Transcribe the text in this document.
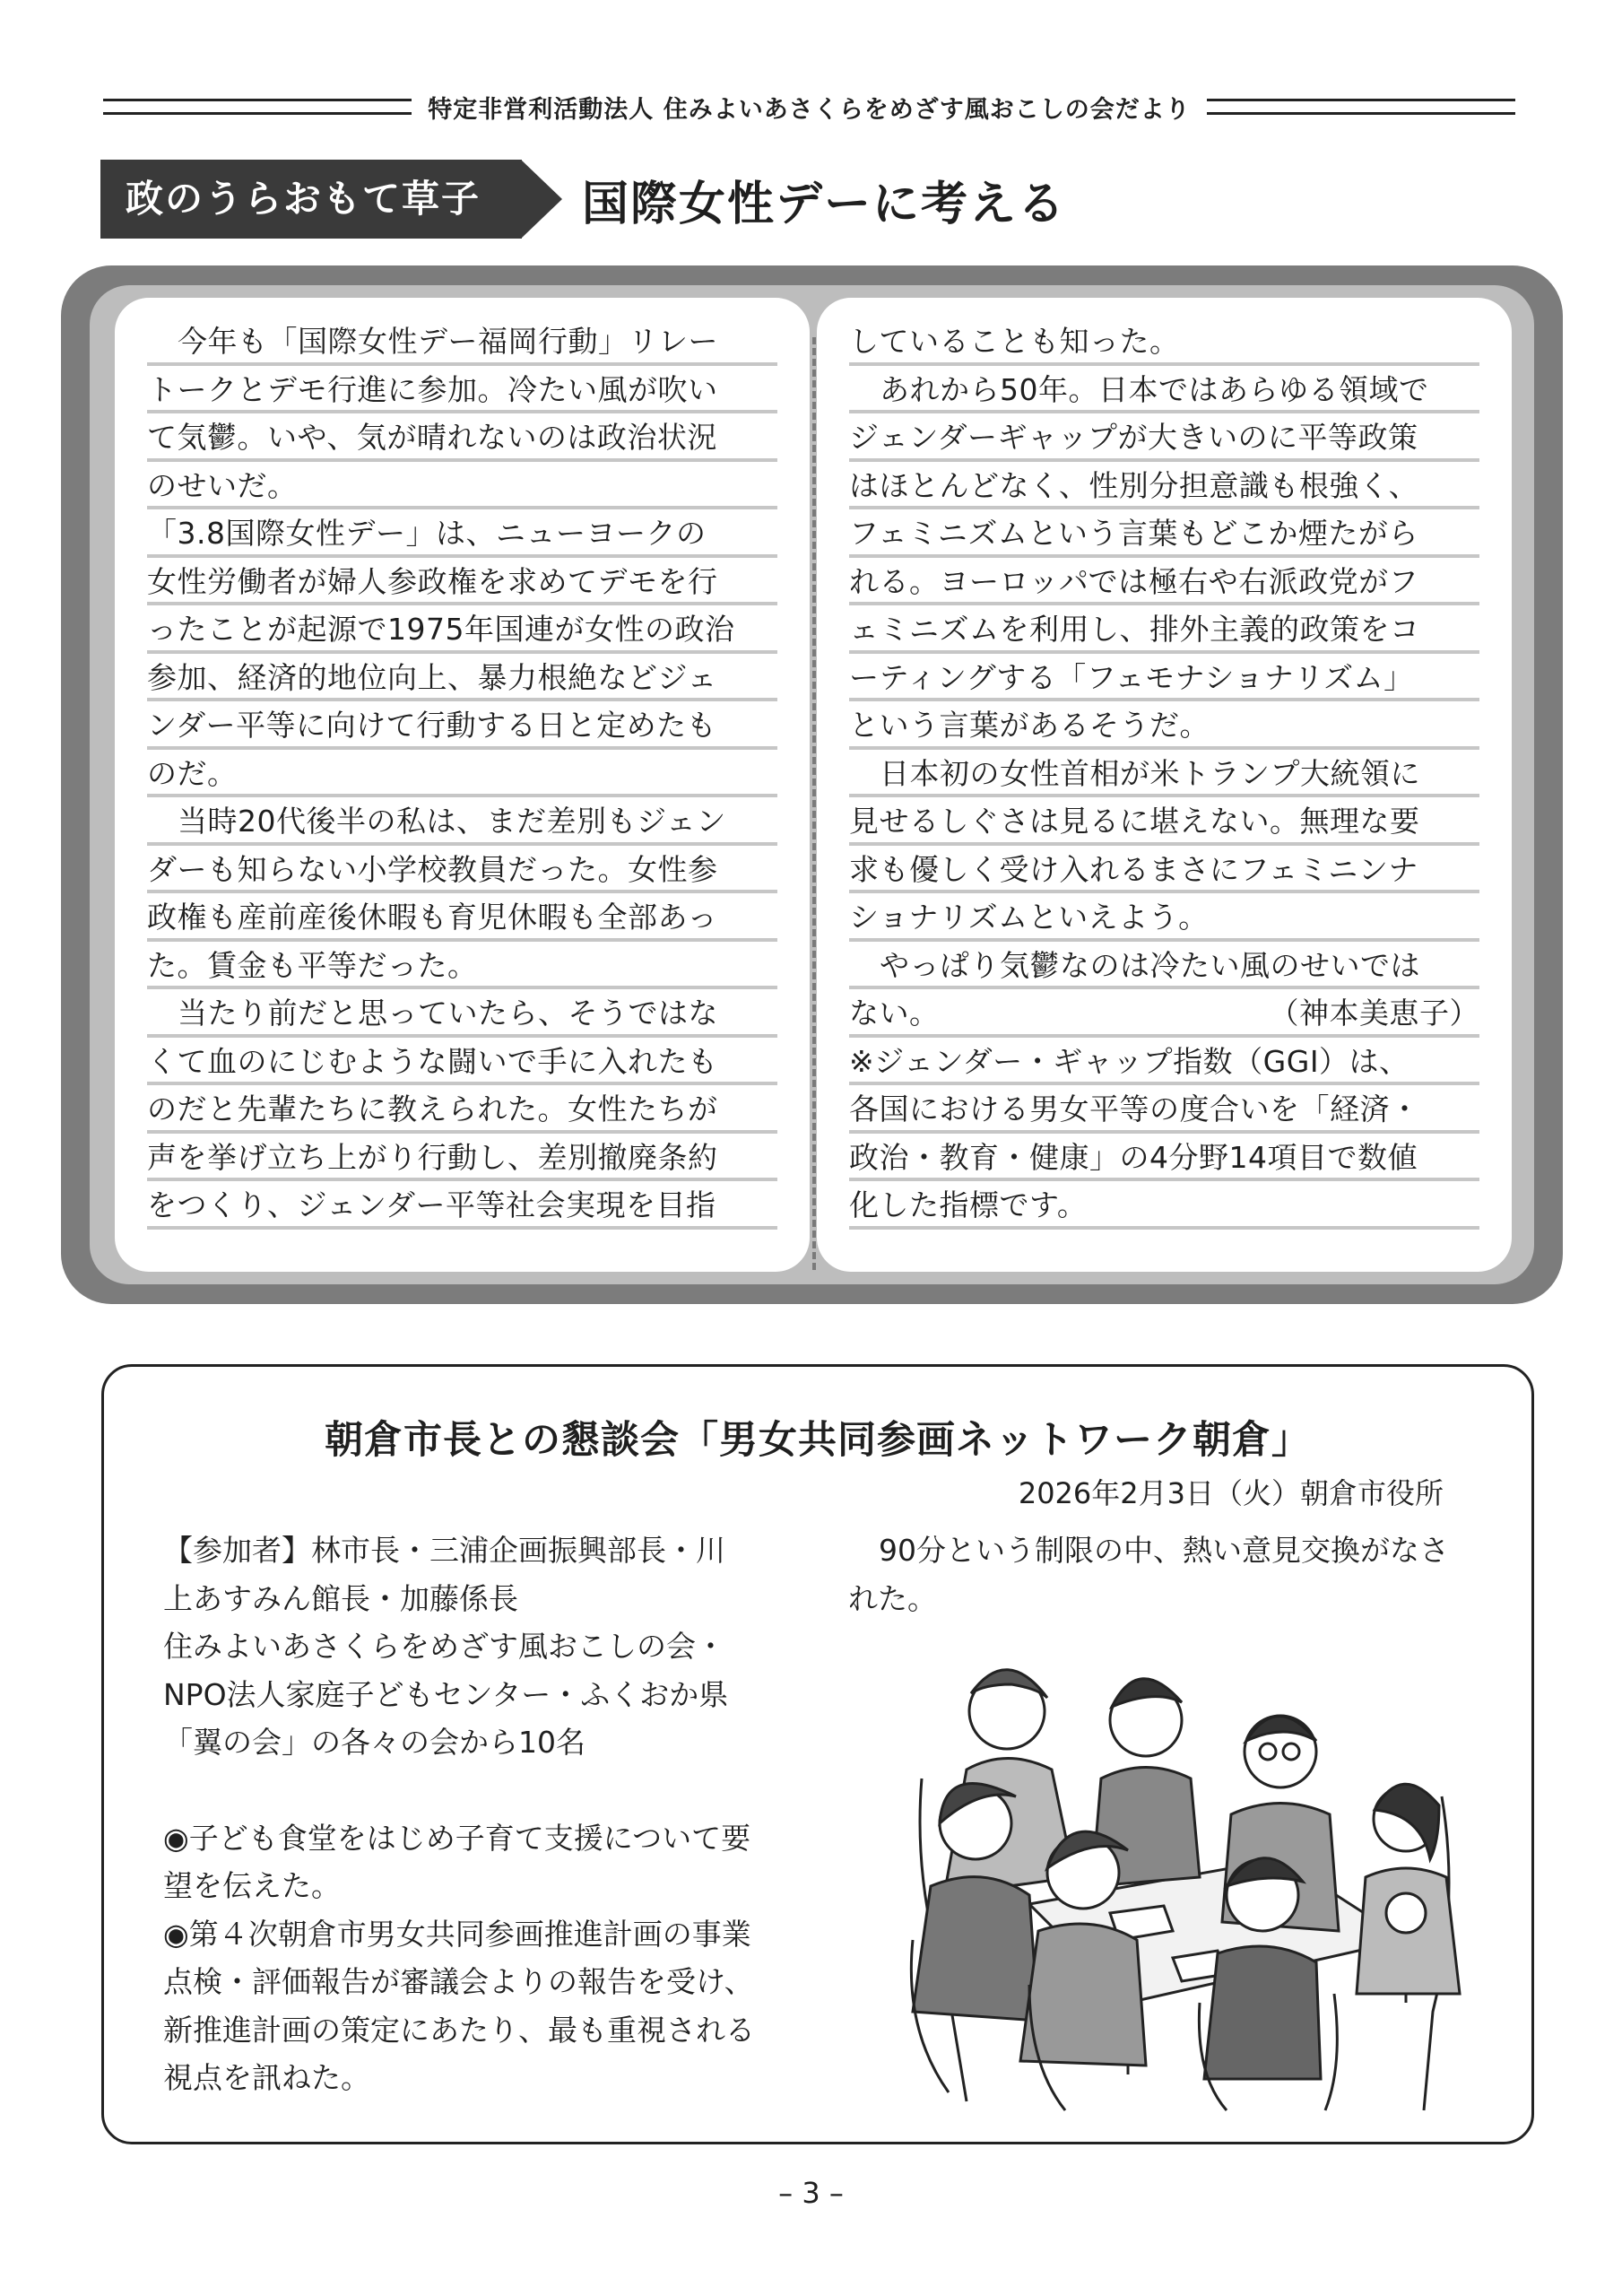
特定非営利活動法人 住みよいあさくらをめざす風おこしの会だより
政のうらおもて草子	国際女性デーに考える

今年も「国際女性デー福岡行動」リレー
トークとデモ行進に参加。冷たい風が吹い
て気鬱。いや、気が晴れないのは政治状況
のせいだ。
「3.8国際女性デー」は、ニューヨークの
女性労働者が婦人参政権を求めてデモを行
ったことが起源で1975年国連が女性の政治
参加、経済的地位向上、暴力根絶などジェ
ンダー平等に向けて行動する日と定めたも
のだ。
当時20代後半の私は、まだ差別もジェン
ダーも知らない小学校教員だった。女性参
政権も産前産後休暇も育児休暇も全部あっ
た。賃金も平等だった。
当たり前だと思っていたら、そうではな
くて血のにじむような闘いで手に入れたも
のだと先輩たちに教えられた。女性たちが
声を挙げ立ち上がり行動し、差別撤廃条約
をつくり、ジェンダー平等社会実現を目指

していることも知った。
あれから50年。日本ではあらゆる領域で
ジェンダーギャップが大きいのに平等政策
はほとんどなく、性別分担意識も根強く、
フェミニズムという言葉もどこか煙たがら
れる。ヨーロッパでは極右や右派政党がフ
ェミニズムを利用し、排外主義的政策をコ
ーティングする「フェモナショナリズム」
という言葉があるそうだ。
日本初の女性首相が米トランプ大統領に
見せるしぐさは見るに堪えない。無理な要
求も優しく受け入れるまさにフェミニンナ
ショナリズムといえよう。
やっぱり気鬱なのは冷たい風のせいでは
ない。	（神本美恵子）
※ジェンダー・ギャップ指数（GGI）は、
各国における男女平等の度合いを「経済・
政治・教育・健康」の4分野14項目で数値
化した指標です。

朝倉市長との懇談会「男女共同参画ネットワーク朝倉」
2026年2月3日（火）朝倉市役所

【参加者】林市長・三浦企画振興部長・川

上あすみん館長・加藤係長

住みよいあさくらをめざす風おこしの会・

NPO法人家庭子どもセンター・ふくおか県

「翼の会」の各々の会から10名

◉子ども食堂をはじめ子育て支援について要

望を伝えた。

◉第４次朝倉市男女共同参画推進計画の事業

点検・評価報告が審議会よりの報告を受け、

新推進計画の策定にあたり、最も重視される

視点を訊ねた。

90分という制限の中、熱い意見交換がなさ

れた。

– 3 –
